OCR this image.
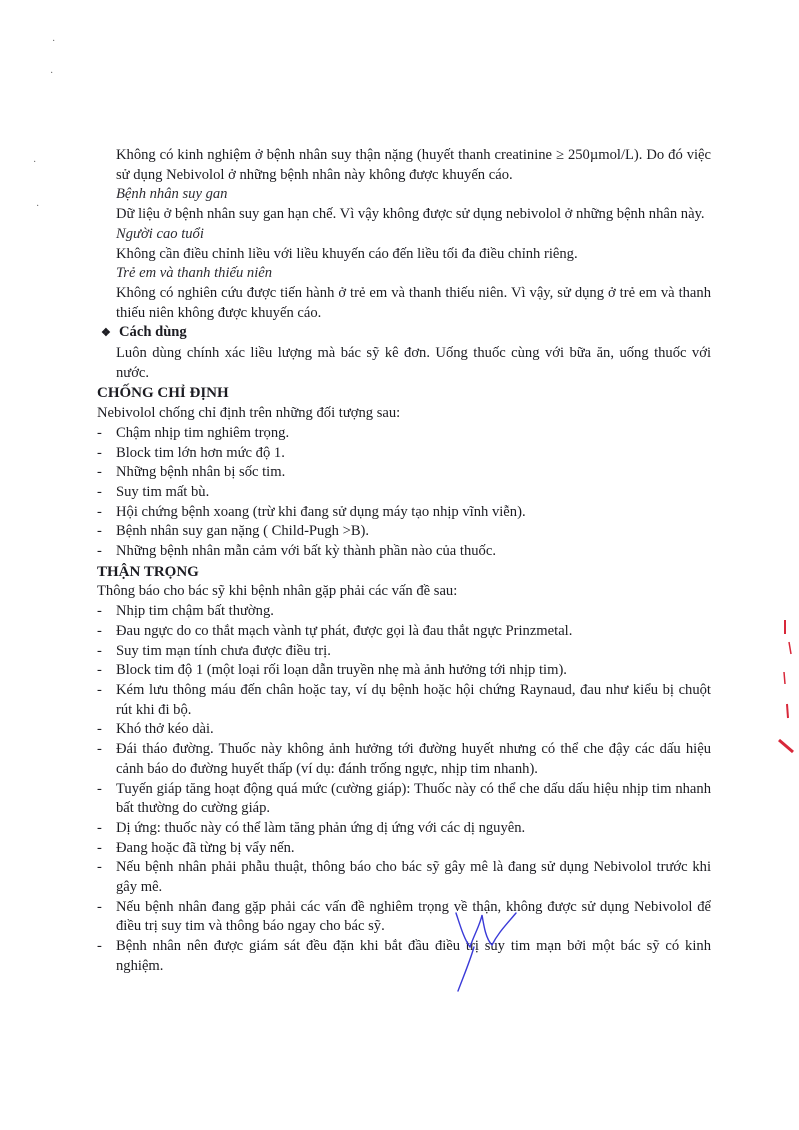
·
·
·
·

Không có kinh nghiệm ở bệnh nhân suy thận nặng (huyết thanh creatinine ≥ 250µmol/L). Do đó việc sử dụng Nebivolol ở những bệnh nhân này không được khuyến cáo.

Bệnh nhân suy gan

Dữ liệu ở bệnh nhân suy gan hạn chế. Vì vậy không được sử dụng nebivolol ở những bệnh nhân này.

Người cao tuổi

Không cần điều chỉnh liều với liều khuyến cáo đến liều tối đa điều chỉnh riêng.

Trẻ em và thanh thiếu niên

Không có nghiên cứu được tiến hành ở trẻ em và thanh thiếu niên. Vì vậy, sử dụng ở trẻ em và thanh thiếu niên không được khuyến cáo.

❖ Cách dùng

Luôn dùng chính xác liều lượng mà bác sỹ kê đơn. Uống thuốc cùng với bữa ăn, uống thuốc với nước.

CHỐNG CHỈ ĐỊNH

Nebivolol chống chỉ định trên những đối tượng sau:

- Chậm nhịp tim nghiêm trọng.
- Block tim lớn hơn mức độ 1.
- Những bệnh nhân bị sốc tim.
- Suy tim mất bù.
- Hội chứng bệnh xoang (trừ khi đang sử dụng máy tạo nhịp vĩnh viễn).
- Bệnh nhân suy gan nặng ( Child-Pugh >B).
- Những bệnh nhân mẫn cảm với bất kỳ thành phần nào của thuốc.

THẬN TRỌNG

Thông báo cho bác sỹ khi bệnh nhân gặp phải các vấn đề sau:

- Nhịp tim chậm bất thường.
- Đau ngực do co thắt mạch vành tự phát, được gọi là đau thắt ngực Prinzmetal.
- Suy tim mạn tính chưa được điều trị.
- Block tim độ 1 (một loại rối loạn dẫn truyền nhẹ mà ảnh hưởng tới nhịp tim).
- Kém lưu thông máu đến chân hoặc tay, ví dụ bệnh hoặc hội chứng Raynaud, đau như kiểu bị chuột rút khi đi bộ.
- Khó thở kéo dài.
- Đái tháo đường. Thuốc này không ảnh hưởng tới đường huyết nhưng có thể che đậy các dấu hiệu cảnh báo do đường huyết thấp (ví dụ: đánh trống ngực, nhịp tim nhanh).
- Tuyến giáp tăng hoạt động quá mức (cường giáp): Thuốc này có thể che dấu dấu hiệu nhịp tim nhanh bất thường do cường giáp.
- Dị ứng: thuốc này có thể làm tăng phản ứng dị ứng với các dị nguyên.
- Đang hoặc đã từng bị vẩy nến.
- Nếu bệnh nhân phải phẫu thuật, thông báo cho bác sỹ gây mê là đang sử dụng Nebivolol trước khi gây mê.
- Nếu bệnh nhân đang gặp phải các vấn đề nghiêm trọng về thận, không được sử dụng Nebivolol để điều trị suy tim và thông báo ngay cho bác sỹ.
- Bệnh nhân nên được giám sát đều đặn khi bắt đầu điều trị suy tim mạn bởi một bác sỹ có kinh nghiệm.
